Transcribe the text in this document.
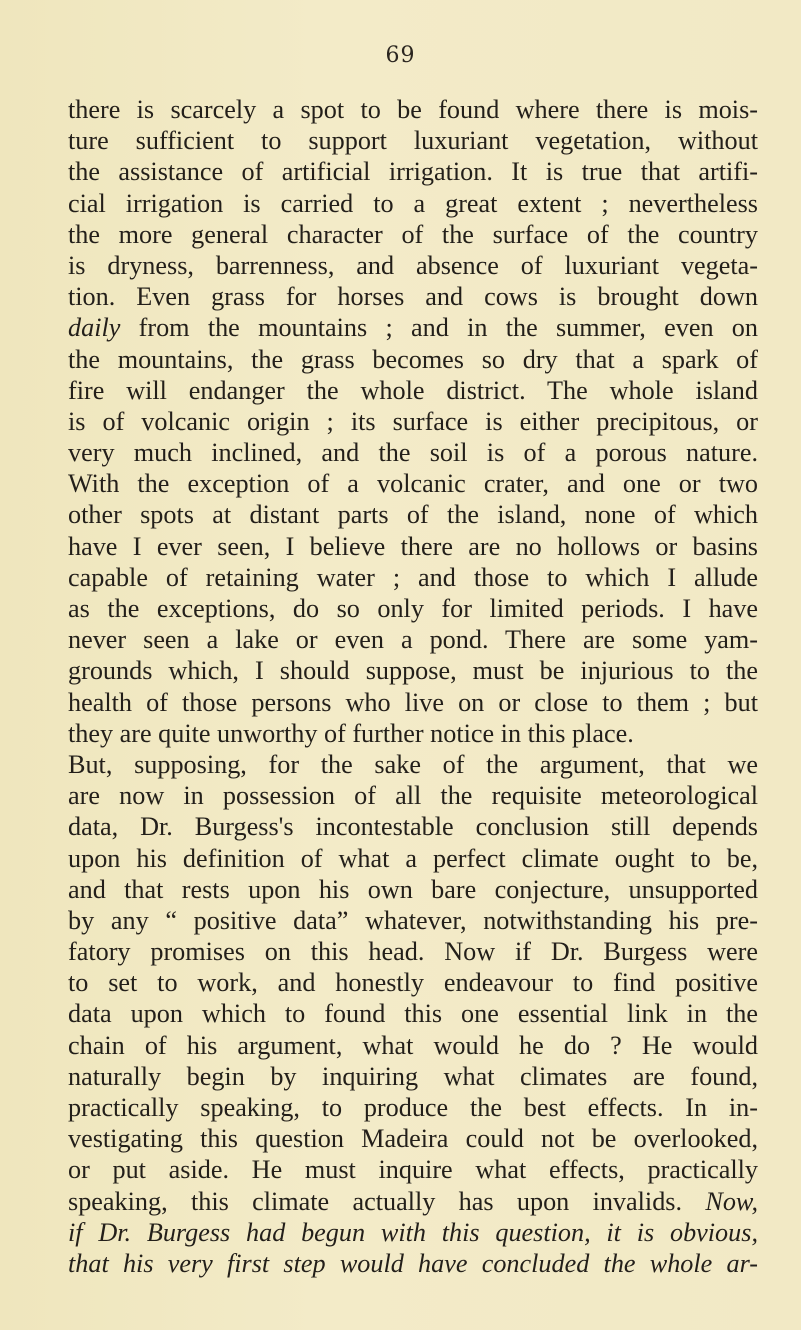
69
there is scarcely a spot to be found where there is mois-
ture sufficient to support luxuriant vegetation, without
the assistance of artificial irrigation. It is true that artifi-
cial irrigation is carried to a great extent ; nevertheless
the more general character of the surface of the country
is dryness, barrenness, and absence of luxuriant vegeta-
tion. Even grass for horses and cows is brought down
daily from the mountains ; and in the summer, even on
the mountains, the grass becomes so dry that a spark of
fire will endanger the whole district. The whole island
is of volcanic origin ; its surface is either precipitous, or
very much inclined, and the soil is of a porous nature.
With the exception of a volcanic crater, and one or two
other spots at distant parts of the island, none of which
have I ever seen, I believe there are no hollows or basins
capable of retaining water ; and those to which I allude
as the exceptions, do so only for limited periods. I have
never seen a lake or even a pond. There are some yam-
grounds which, I should suppose, must be injurious to the
health of those persons who live on or close to them ; but
they are quite unworthy of further notice in this place.
But, supposing, for the sake of the argument, that we
are now in possession of all the requisite meteorological
data, Dr. Burgess's incontestable conclusion still depends
upon his definition of what a perfect climate ought to be,
and that rests upon his own bare conjecture, unsupported
by any “ positive data” whatever, notwithstanding his pre-
fatory promises on this head. Now if Dr. Burgess were
to set to work, and honestly endeavour to find positive
data upon which to found this one essential link in the
chain of his argument, what would he do ? He would
naturally begin by inquiring what climates are found,
practically speaking, to produce the best effects. In in-
vestigating this question Madeira could not be overlooked,
or put aside. He must inquire what effects, practically
speaking, this climate actually has upon invalids. Now,
if Dr. Burgess had begun with this question, it is obvious,
that his very first step would have concluded the whole ar-
